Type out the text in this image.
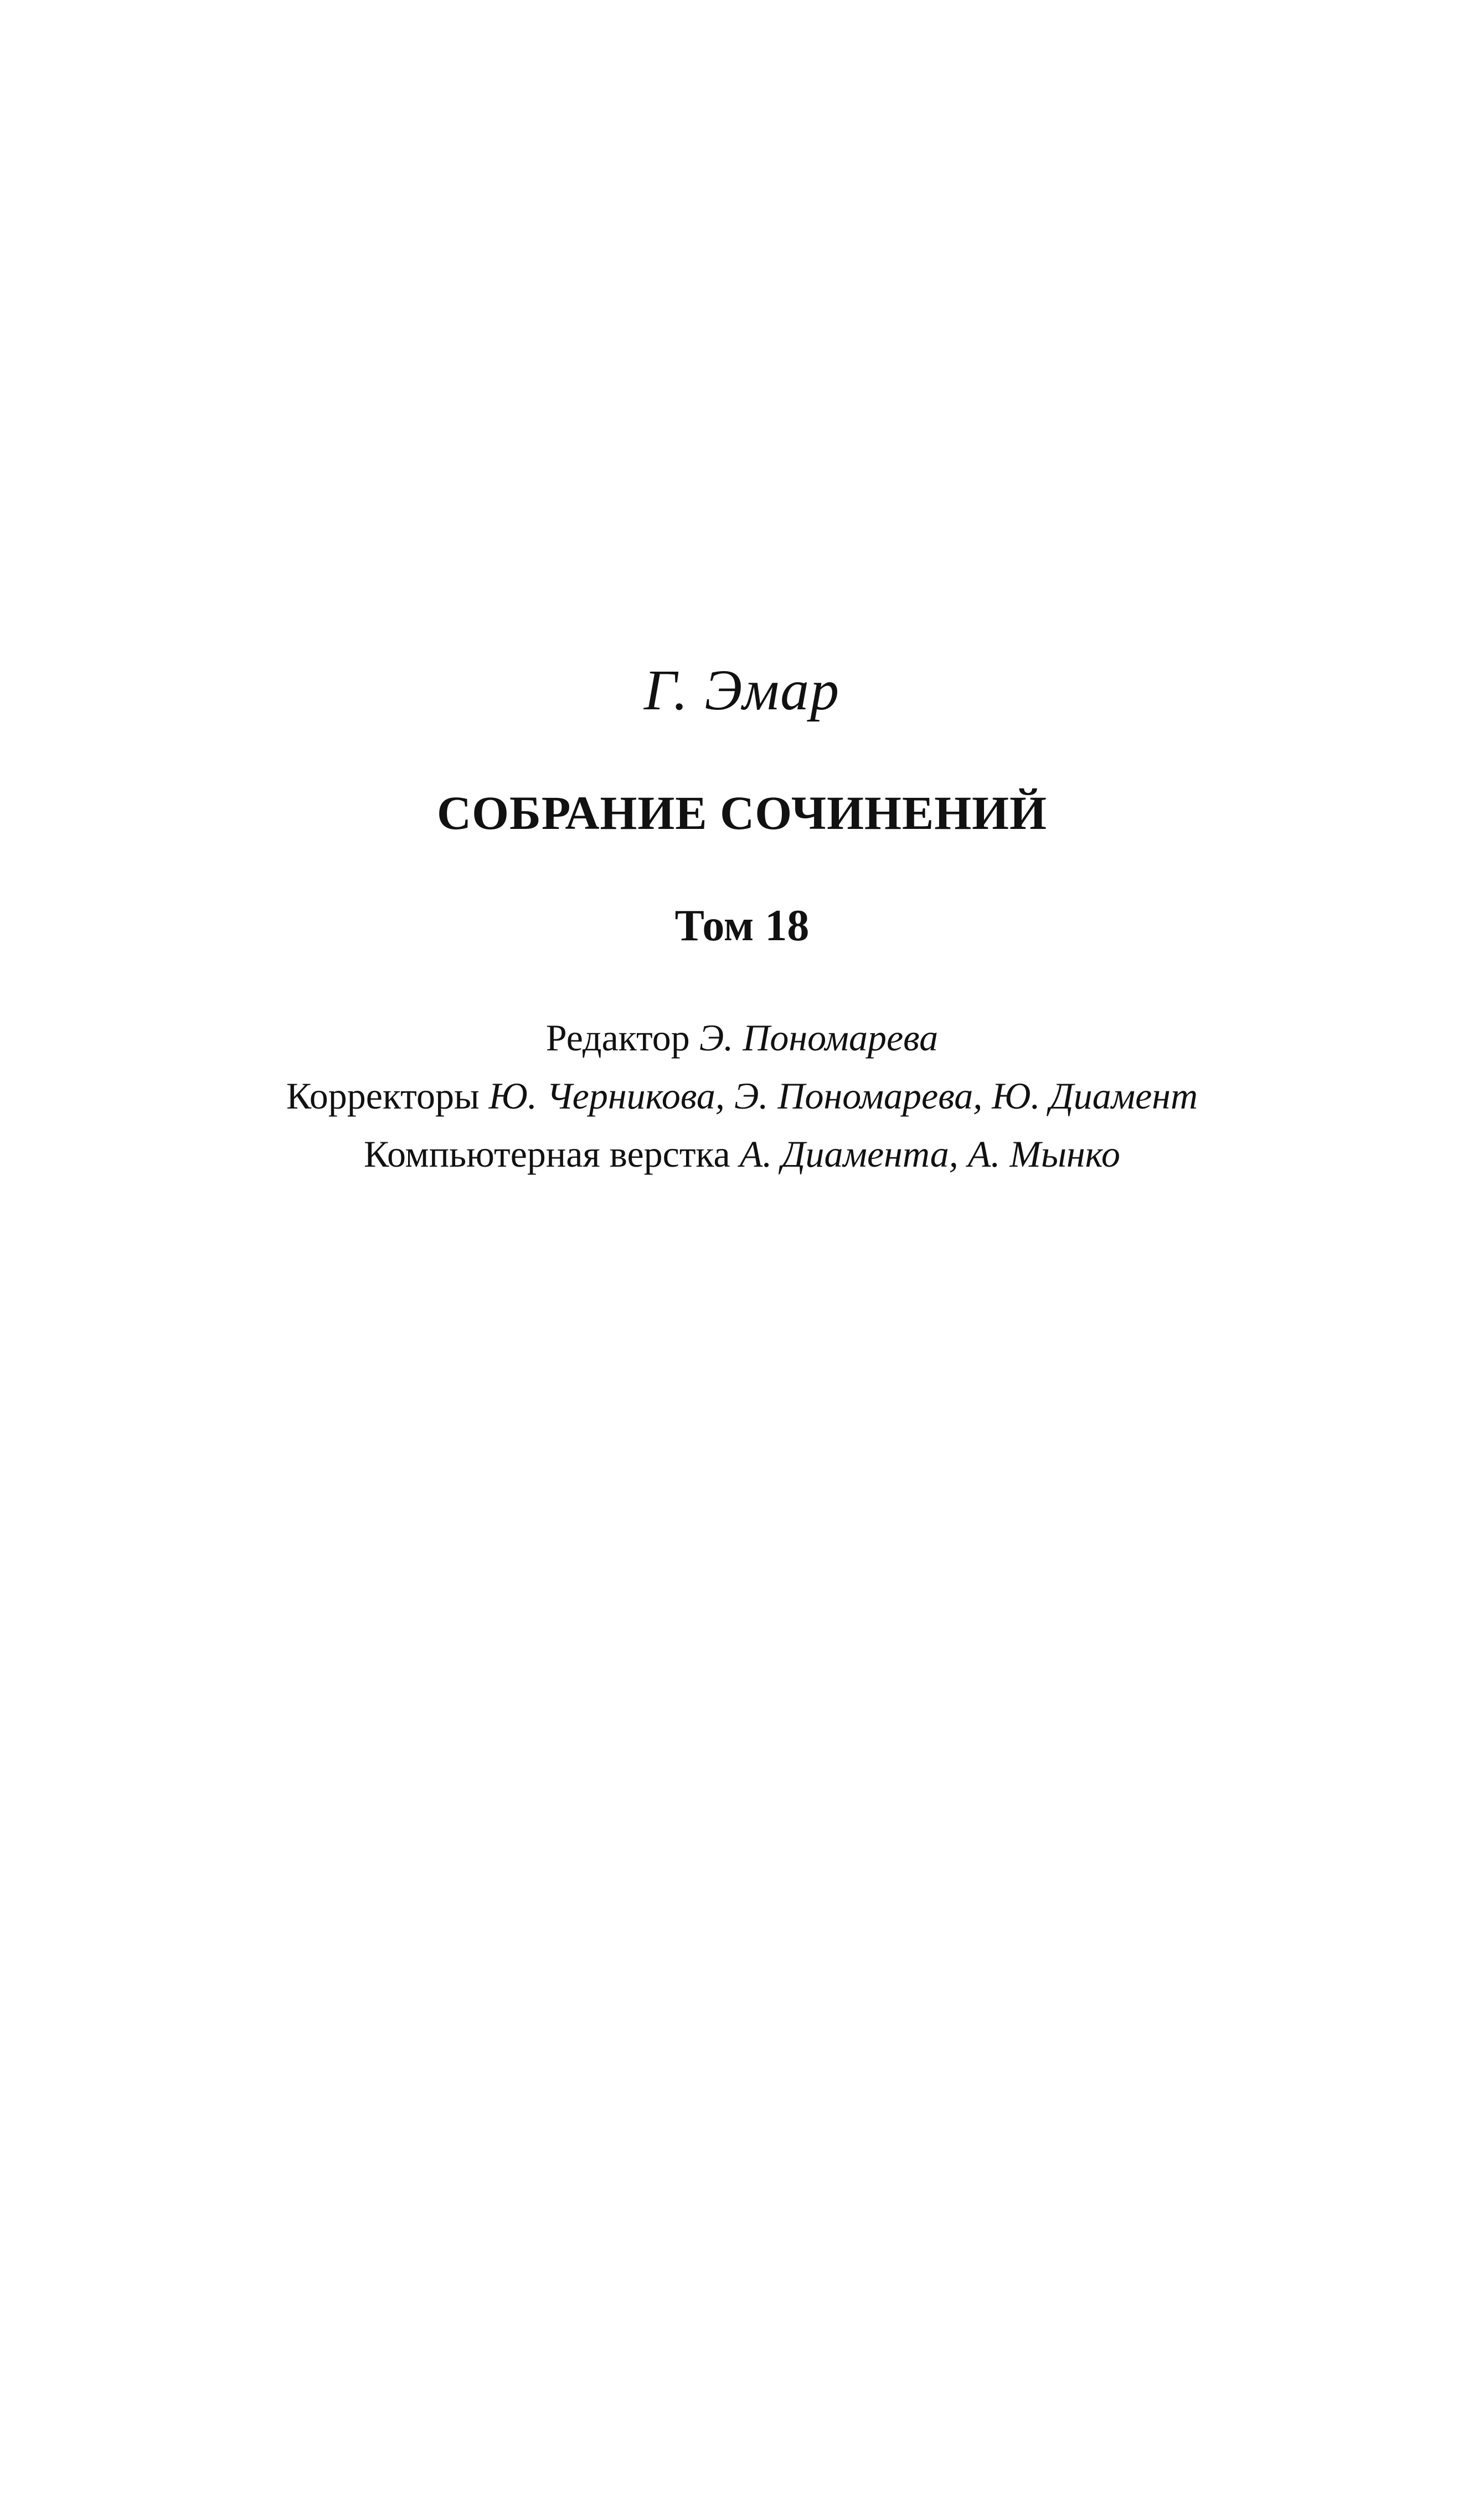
Г. Эмар
СОБРАНИЕ СОЧИНЕНИЙ
Том 18
Редактор Э. Пономарева
Корректоры Ю. Черникова, Э. Пономарева, Ю. Диамент
Компьютерная верстка А. Диамента, А. Мынко
